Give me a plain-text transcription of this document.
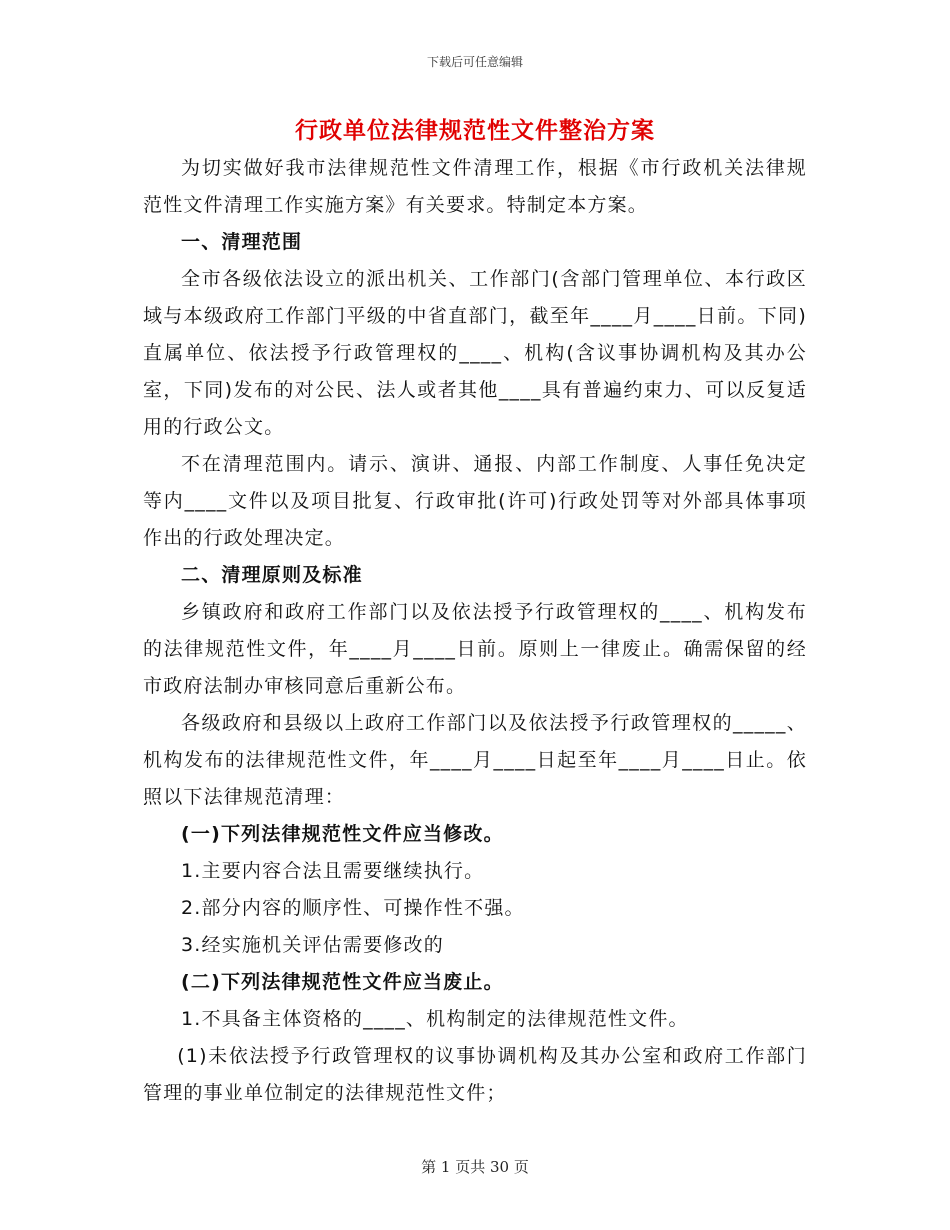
下载后可任意编辑
行政单位法律规范性文件整治方案

为切实做好我市法律规范性文件清理工作，根据《市行政机关法律规范性文件清理工作实施方案》有关要求。特制定本方案。

一、清理范围

全市各级依法设立的派出机关、工作部门(含部门管理单位、本行政区域与本级政府工作部门平级的中省直部门，截至年____月____日前。下同)直属单位、依法授予行政管理权的____、机构(含议事协调机构及其办公室，下同)发布的对公民、法人或者其他____具有普遍约束力、可以反复适用的行政公文。

不在清理范围内。请示、演讲、通报、内部工作制度、人事任免决定等内____文件以及项目批复、行政审批(许可)行政处罚等对外部具体事项作出的行政处理决定。

二、清理原则及标准

乡镇政府和政府工作部门以及依法授予行政管理权的____、机构发布的法律规范性文件，年____月____日前。原则上一律废止。确需保留的经市政府法制办审核同意后重新公布。

各级政府和县级以上政府工作部门以及依法授予行政管理权的_____、机构发布的法律规范性文件，年____月____日起至年____月____日止。依照以下法律规范清理：

(一)下列法律规范性文件应当修改。

1.主要内容合法且需要继续执行。

2.部分内容的顺序性、可操作性不强。

3.经实施机关评估需要修改的

(二)下列法律规范性文件应当废止。

1.不具备主体资格的____、机构制定的法律规范性文件。

(1)未依法授予行政管理权的议事协调机构及其办公室和政府工作部门管理的事业单位制定的法律规范性文件；

第 1 页共 30 页
